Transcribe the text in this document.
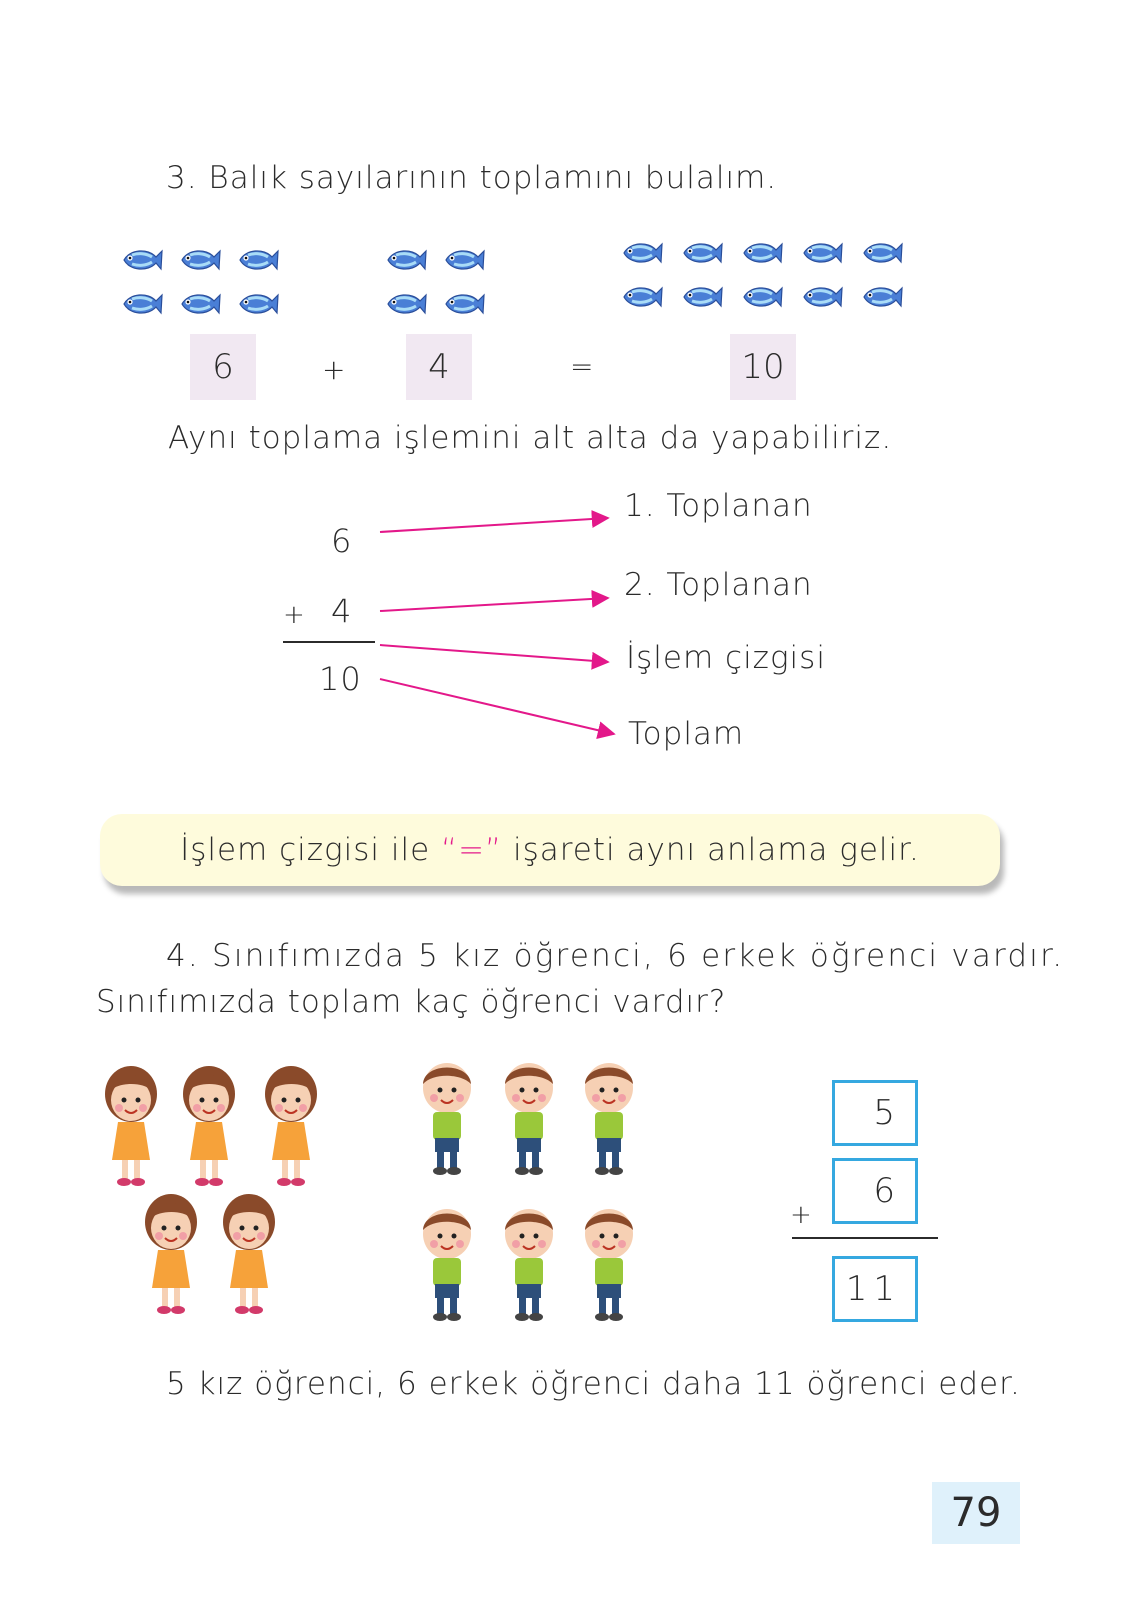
3. Balık sayılarının toplamını bulalım.
6	+	4	=	10
Aynı toplama işlemini alt alta da yapabiliriz.
6
+ 4
10
1. Toplanan
2. Toplanan
İşlem çizgisi
Toplam
İşlem çizgisi ile “=” işareti aynı anlama gelir.
4. Sınıfımızda 5 kız öğrenci, 6 erkek öğrenci vardır.
Sınıfımızda toplam kaç öğrenci vardır?
5
6
+
11
5 kız öğrenci, 6 erkek öğrenci daha 11 öğrenci eder.
79
